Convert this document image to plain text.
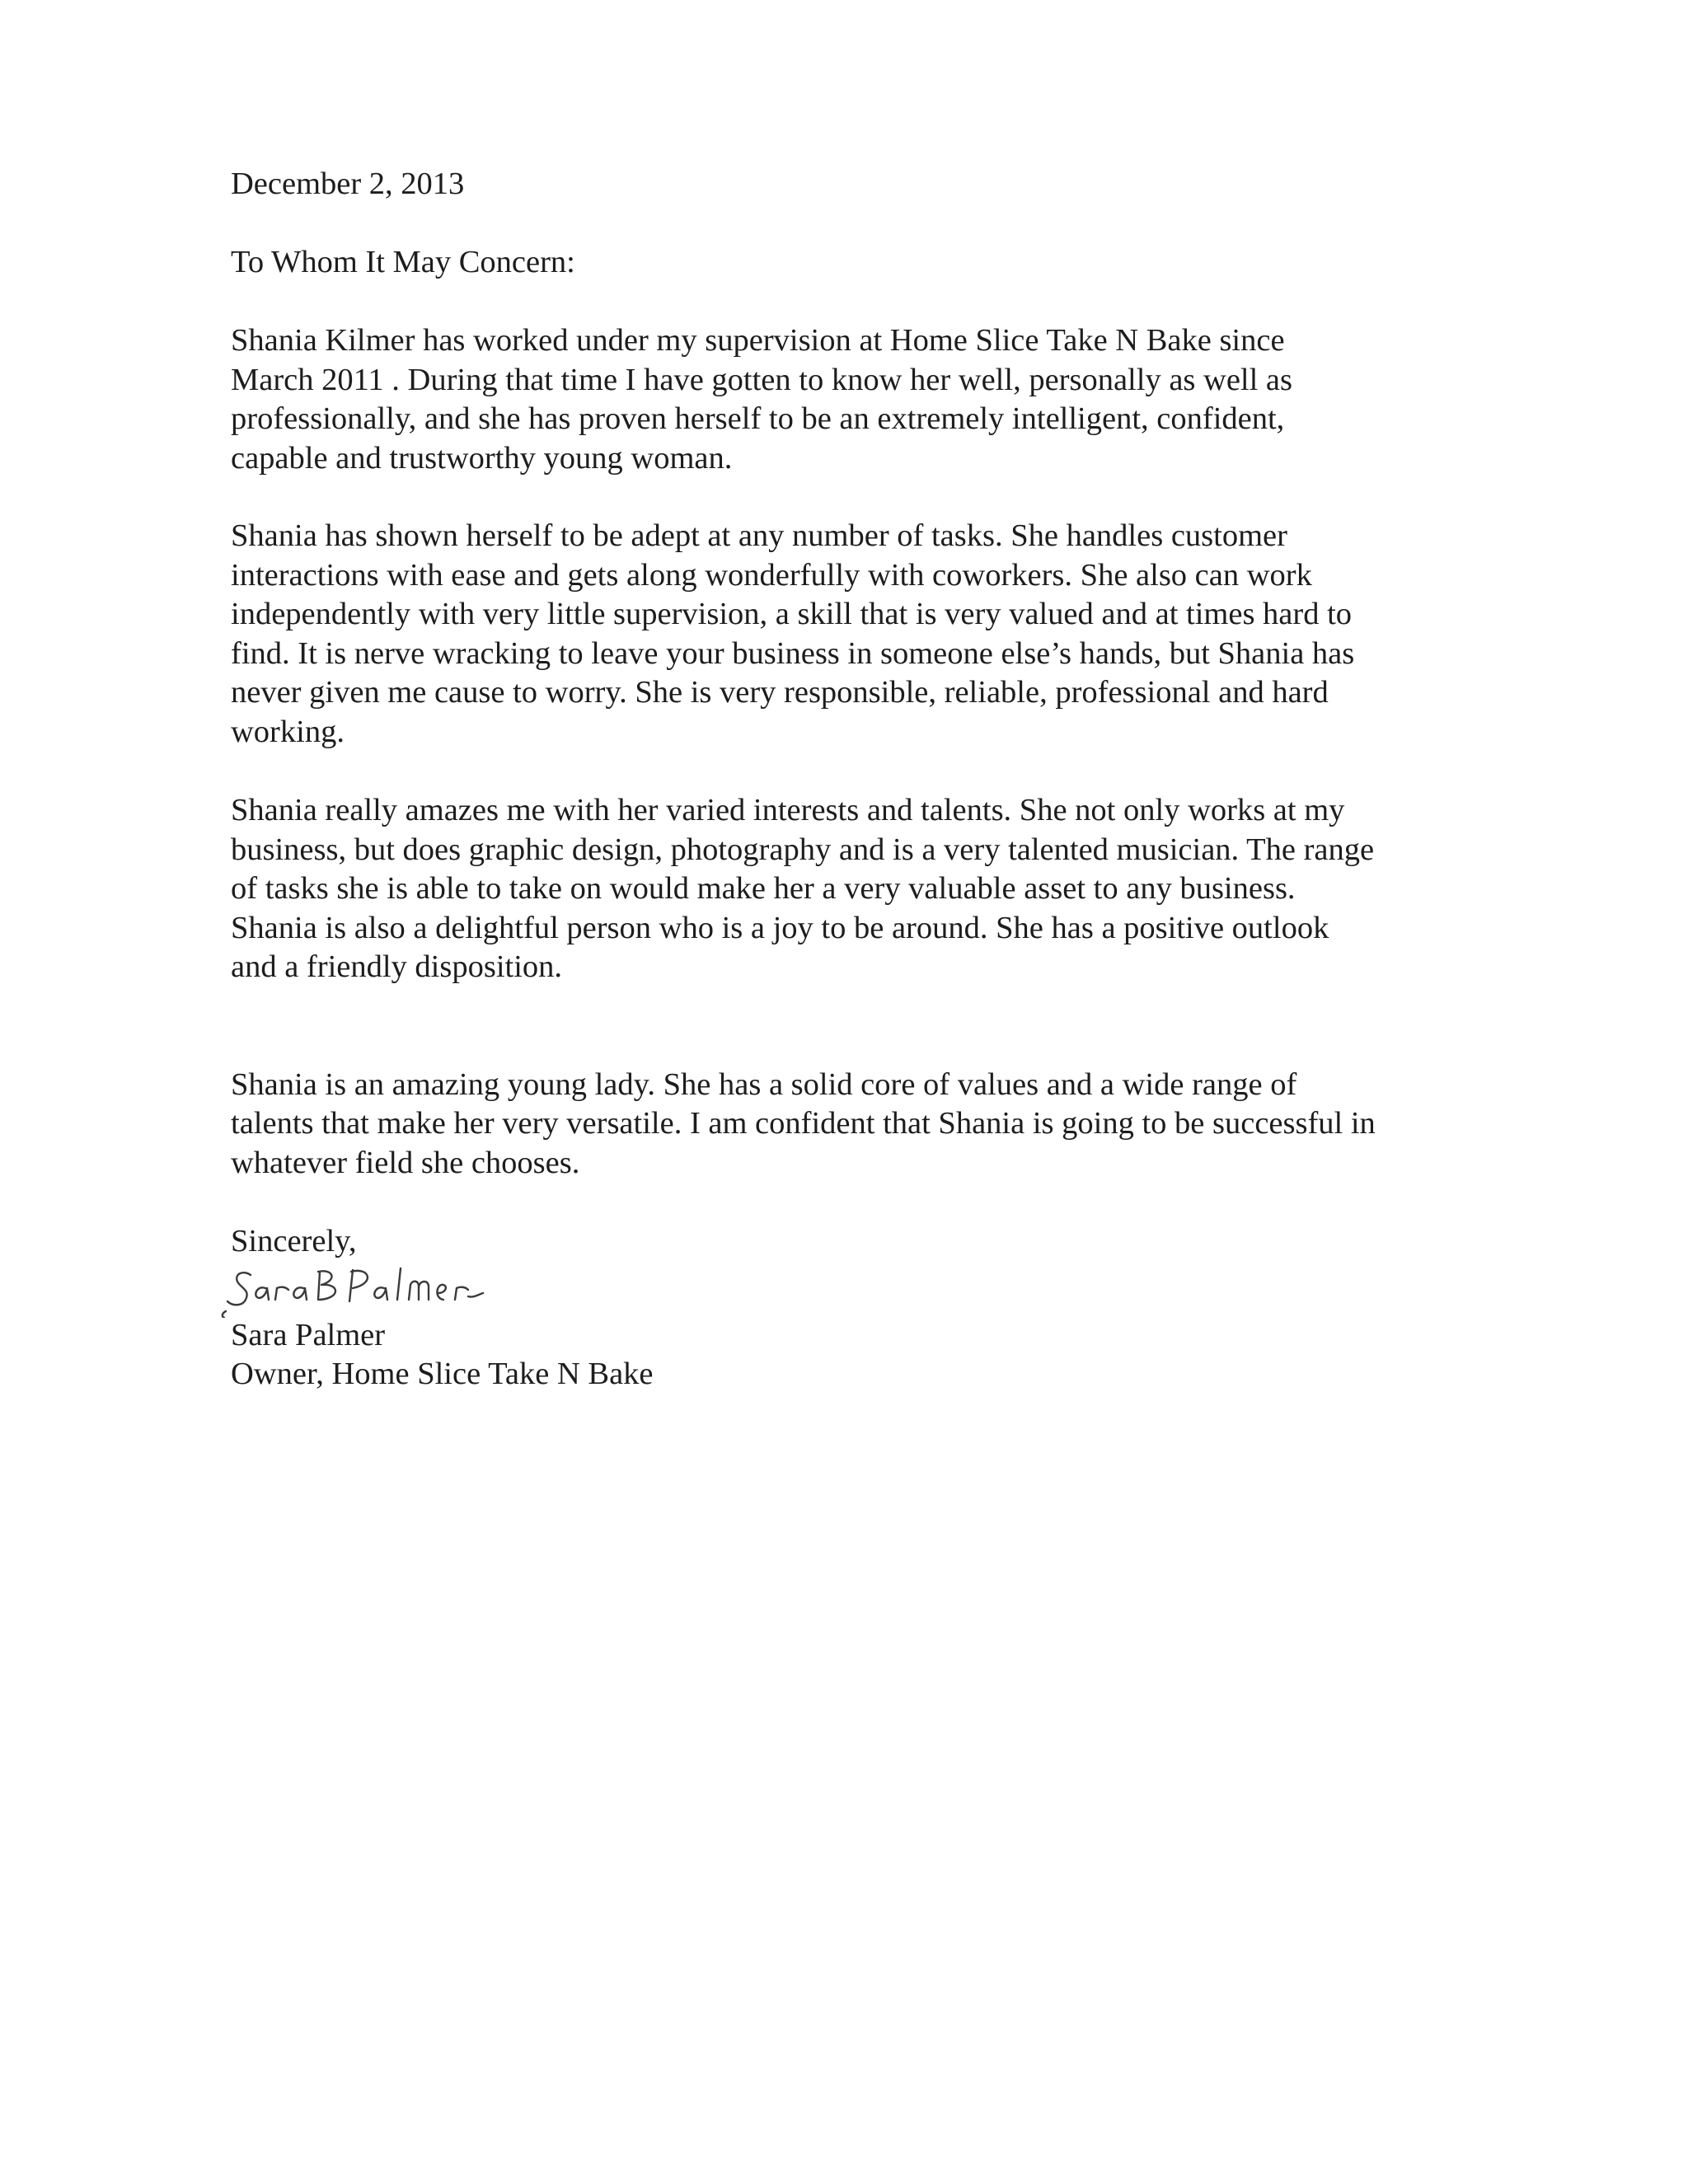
December 2, 2013

To Whom It May Concern:

Shania Kilmer has worked under my supervision at Home Slice Take N Bake since
March 2011 . During that time I have gotten to know her well, personally as well as
professionally, and she has proven herself to be an extremely intelligent, confident,
capable and trustworthy young woman.

Shania has shown herself to be adept at any number of tasks. She handles customer
interactions with ease and gets along wonderfully with coworkers. She also can work
independently with very little supervision, a skill that is very valued and at times hard to
find. It is nerve wracking to leave your business in someone else’s hands, but Shania has
never given me cause to worry. She is very responsible, reliable, professional and hard
working.

Shania really amazes me with her varied interests and talents. She not only works at my
business, but does graphic design, photography and is a very talented musician. The range
of tasks she is able to take on would make her a very valuable asset to any business.
Shania is also a delightful person who is a joy to be around. She has a positive outlook
and a friendly disposition.

Shania is an amazing young lady. She has a solid core of values and a wide range of
talents that make her very versatile. I am confident that Shania is going to be successful in
whatever field she chooses.

Sincerely,

Sara Palmer

Owner, Home Slice Take N Bake
